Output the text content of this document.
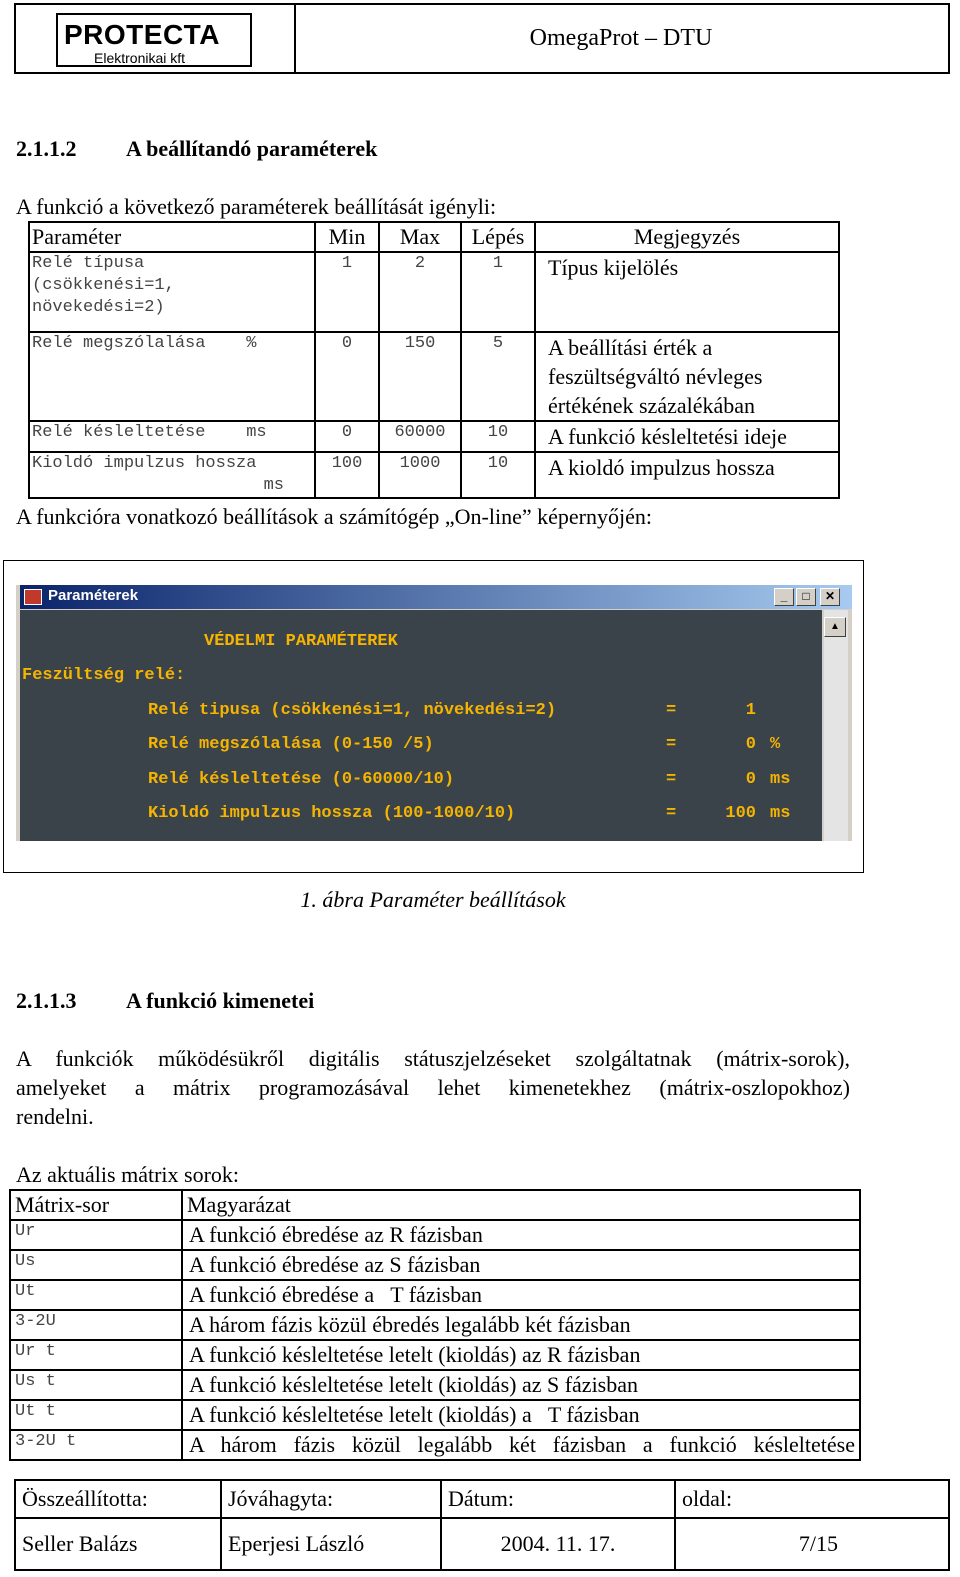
PROTECTA
Elektronikai kft
OmegaProt – DTU
2.1.1.2 A beállítandó paraméterek
A funkció a következő paraméterek beállítását igényli:
Paraméter	Min	Max	Lépés	Megjegyzés

Relé típusa
(csökkenési=1,
növekedési=2)	1	2	1	Típus kijelölés

Relé megszólalása    %	0	150	5	A beállítási érték a
feszültségváltó névleges
értékének százalékában

Relé késleltetése    ms	0	60000	10	A funkció késleltetési ideje

Kioldó impulzus hossza
ms	100	1000	10	A kioldó impulzus hossza
A funkcióra vonatkozó beállítások a számítógép „On-line” képernyőjén:
Paraméterek	_	□	✕
VÉDELMI PARAMÉTEREK
Feszültség relé:
Relé tipusa (csökkenési=1, növekedési=2)	=	1
Relé megszólalása (0-150 /5)	=	0 %
Relé késleltetése (0-60000/10)	=	0 ms
Kioldó impulzus hossza (100-1000/10)	=	100 ms
▲
1. ábra Paraméter beállítások
2.1.1.3 A funkció kimenetei
A funkciók működésükről digitális státuszjelzéseket szolgáltatnak (mátrix-sorok),
amelyeket a mátrix programozásával lehet kimenetekhez (mátrix-oszlopokhoz)
rendelni.
Az aktuális mátrix sorok:
Mátrix-sor	Magyarázat
Ur	A funkció ébredése az R fázisban
Us	A funkció ébredése az S fázisban
Ut	A funkció ébredése a   T fázisban
3-2U	A három fázis közül ébredés legalább két fázisban
Ur t	A funkció késleltetése letelt (kioldás) az R fázisban
Us t	A funkció késleltetése letelt (kioldás) az S fázisban
Ut t	A funkció késleltetése letelt (kioldás) a   T fázisban
3-2U t	A három fázis közül legalább két fázisban a funkció késleltetése
Összeállította:	Jóváhagyta:	Dátum:	oldal:
Seller Balázs	Eperjesi László	2004. 11. 17.	7/15
